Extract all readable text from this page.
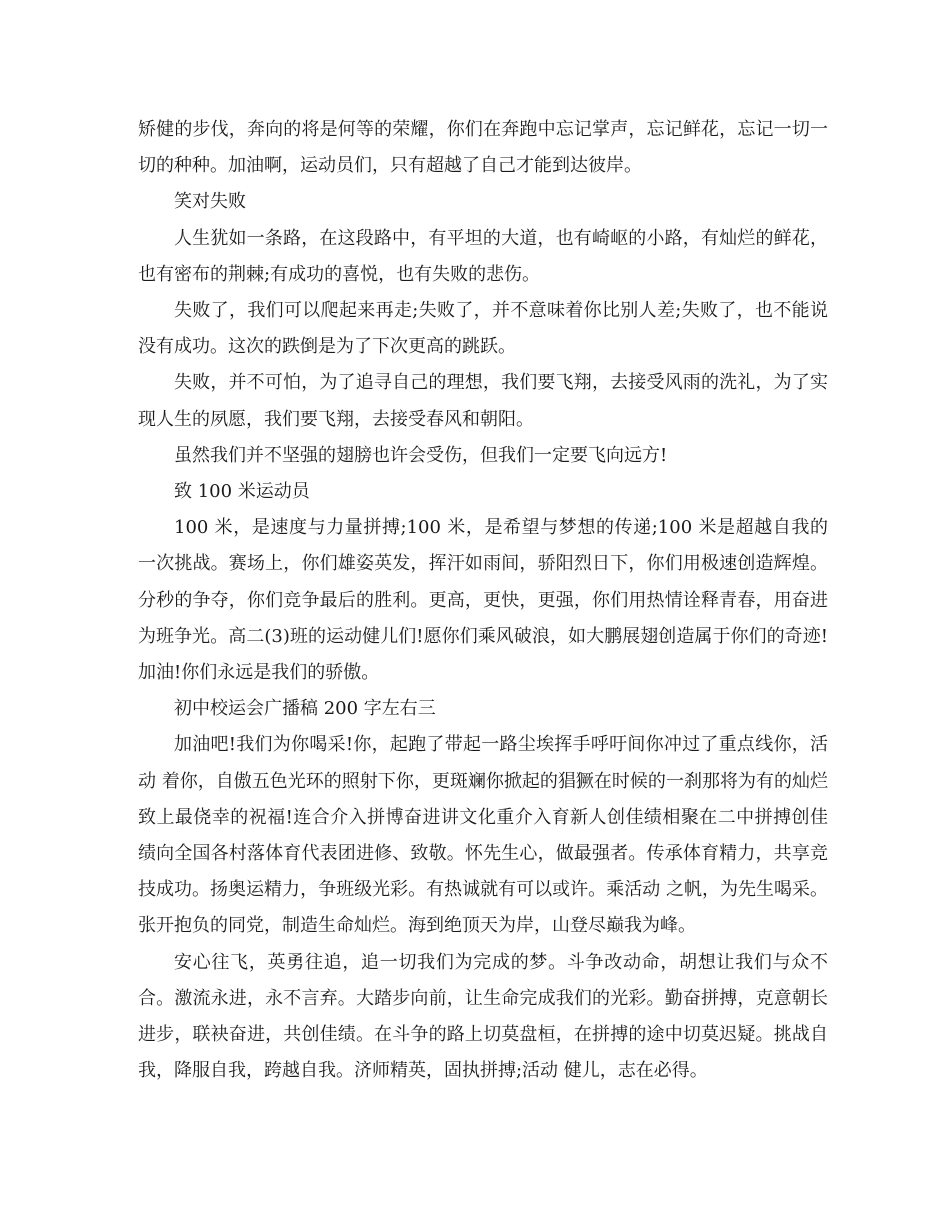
矫健的步伐，奔向的将是何等的荣耀，你们在奔跑中忘记掌声，忘记鲜花，忘记一切一切的种种。加油啊，运动员们，只有超越了自己才能到达彼岸。

笑对失败

人生犹如一条路，在这段路中，有平坦的大道，也有崎岖的小路，有灿烂的鲜花，也有密布的荆棘;有成功的喜悦，也有失败的悲伤。

失败了，我们可以爬起来再走;失败了，并不意味着你比别人差;失败了，也不能说没有成功。这次的跌倒是为了下次更高的跳跃。

失败，并不可怕，为了追寻自己的理想，我们要飞翔，去接受风雨的洗礼，为了实现人生的夙愿，我们要飞翔，去接受春风和朝阳。

虽然我们并不坚强的翅膀也许会受伤，但我们一定要飞向远方!

致 100 米运动员

100 米，是速度与力量拼搏;100 米，是希望与梦想的传递;100 米是超越自我的一次挑战。赛场上，你们雄姿英发，挥汗如雨间，骄阳烈日下，你们用极速创造辉煌。分秒的争夺，你们竞争最后的胜利。更高，更快，更强，你们用热情诠释青春，用奋进为班争光。高二(3)班的运动健儿们!愿你们乘风破浪，如大鹏展翅创造属于你们的奇迹!加油!你们永远是我们的骄傲。

初中校运会广播稿 200 字左右三

加油吧!我们为你喝采!你，起跑了带起一路尘埃挥手呼吁间你冲过了重点线你，活动 着你，自傲五色光环的照射下你，更斑斓你掀起的猖獗在时候的一刹那将为有的灿烂致上最侥幸的祝福!连合介入拼博奋进讲文化重介入育新人创佳绩相聚在二中拼搏创佳绩向全国各村落体育代表团进修、致敬。怀先生心，做最强者。传承体育精力，共享竞技成功。扬奥运精力，争班级光彩。有热诚就有可以或许。乘活动 之帆，为先生喝采。张开抱负的同党，制造生命灿烂。海到绝顶天为岸，山登尽巅我为峰。

安心往飞，英勇往追，追一切我们为完成的梦。斗争改动命，胡想让我们与众不合。激流永进，永不言弃。大踏步向前，让生命完成我们的光彩。勤奋拼搏，克意朝长进步，联袂奋进，共创佳绩。在斗争的路上切莫盘桓，在拼搏的途中切莫迟疑。挑战自我，降服自我，跨越自我。济师精英，固执拼搏;活动 健儿，志在必得。
